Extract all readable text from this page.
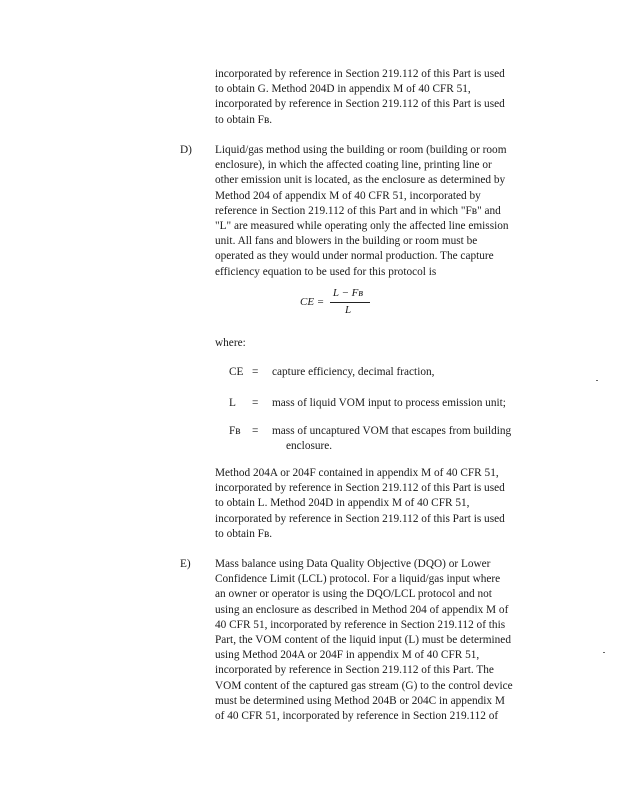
incorporated by reference in Section 219.112 of this Part is used
to obtain G. Method 204D in appendix M of 40 CFR 51,
incorporated by reference in Section 219.112 of this Part is used
to obtain Fʙ.
D) Liquid/gas method using the building or room (building or room
enclosure), in which the affected coating line, printing line or
other emission unit is located, as the enclosure as determined by
Method 204 of appendix M of 40 CFR 51, incorporated by
reference in Section 219.112 of this Part and in which "Fʙ" and
"L" are measured while operating only the affected line emission
unit. All fans and blowers in the building or room must be
operated as they would under normal production. The capture
efficiency equation to be used for this protocol is
CE =
L − Fʙ
L
where:
CE = capture efficiency, decimal fraction,
L = mass of liquid VOM input to process emission unit;
Fʙ = mass of uncaptured VOM that escapes from building
enclosure.
Method 204A or 204F contained in appendix M of 40 CFR 51,
incorporated by reference in Section 219.112 of this Part is used
to obtain L. Method 204D in appendix M of 40 CFR 51,
incorporated by reference in Section 219.112 of this Part is used
to obtain Fʙ.
E) Mass balance using Data Quality Objective (DQO) or Lower
Confidence Limit (LCL) protocol. For a liquid/gas input where
an owner or operator is using the DQO/LCL protocol and not
using an enclosure as described in Method 204 of appendix M of
40 CFR 51, incorporated by reference in Section 219.112 of this
Part, the VOM content of the liquid input (L) must be determined
using Method 204A or 204F in appendix M of 40 CFR 51,
incorporated by reference in Section 219.112 of this Part. The
VOM content of the captured gas stream (G) to the control device
must be determined using Method 204B or 204C in appendix M
of 40 CFR 51, incorporated by reference in Section 219.112 of
